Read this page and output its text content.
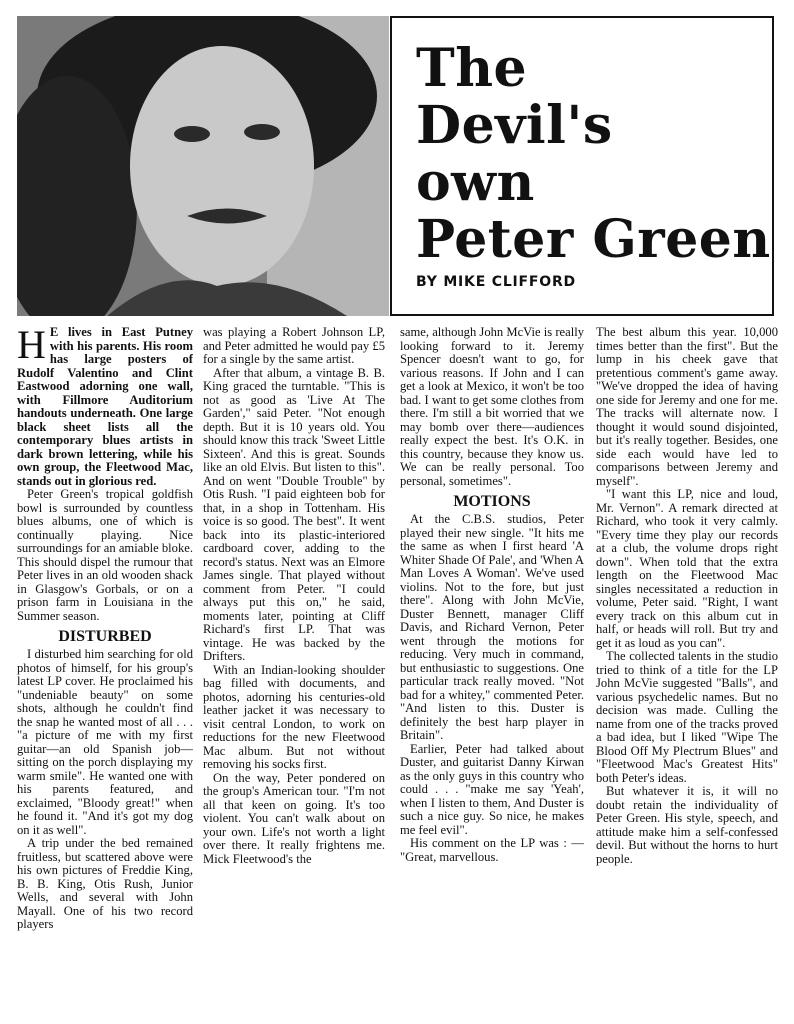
The
Devil's
own
Peter Green
BY MIKE CLIFFORD

H E lives in East Putney with his parents. His room has large posters of Rudolf Valentino and Clint Eastwood adorning one wall, with Fillmore Auditorium handouts underneath. One large black sheet lists all the contemporary blues artists in dark brown lettering, while his own group, the Fleetwood Mac, stands out in glorious red.

Peter Green's tropical goldfish bowl is surrounded by countless blues albums, one of which is continually playing. Nice surroundings for an amiable bloke. This should dispel the rumour that Peter lives in an old wooden shack in Glasgow's Gorbals, or on a prison farm in Louisiana in the Summer season.

DISTURBED

I disturbed him searching for old photos of himself, for his group's latest LP cover. He proclaimed his "undeniable beauty" on some shots, although he couldn't find the snap he wanted most of all . . . "a picture of me with my first guitar—an old Spanish job—sitting on the porch displaying my warm smile". He wanted one with his parents featured, and exclaimed, "Bloody great!" when he found it. "And it's got my dog on it as well".

A trip under the bed remained fruitless, but scattered above were his own pictures of Freddie King, B. B. King, Otis Rush, Junior Wells, and several with John Mayall. One of his two record players

was playing a Robert Johnson LP, and Peter admitted he would pay £5 for a single by the same artist.

After that album, a vintage B. B. King graced the turntable. "This is not as good as 'Live At The Garden'," said Peter. "Not enough depth. But it is 10 years old. You should know this track 'Sweet Little Sixteen'. And this is great. Sounds like an old Elvis. But listen to this". And on went "Double Trouble" by Otis Rush. "I paid eighteen bob for that, in a shop in Tottenham. His voice is so good. The best". It went back into its plastic-interiored cardboard cover, adding to the record's status. Next was an Elmore James single. That played without comment from Peter. "I could always put this on," he said, moments later, pointing at Cliff Richard's first LP. That was vintage. He was backed by the Drifters.

With an Indian-looking shoulder bag filled with documents, and photos, adorning his centuries-old leather jacket it was necessary to visit central London, to work on reductions for the new Fleetwood Mac album. But not without removing his socks first.

On the way, Peter pondered on the group's American tour. "I'm not all that keen on going. It's too violent. You can't walk about on your own. Life's not worth a light over there. It really frightens me. Mick Fleetwood's the

same, although John McVie is really looking forward to it. Jeremy Spencer doesn't want to go, for various reasons. If John and I can get a look at Mexico, it won't be too bad. I want to get some clothes from there. I'm still a bit worried that we may bomb over there—audiences really expect the best. It's O.K. in this country, because they know us. We can be really personal. Too personal, sometimes".

MOTIONS

At the C.B.S. studios, Peter played their new single. "It hits me the same as when I first heard 'A Whiter Shade Of Pale', and 'When A Man Loves A Woman'. We've used violins. Not to the fore, but just there". Along with John McVie, Duster Bennett, manager Cliff Davis, and Richard Vernon, Peter went through the motions for reducing. Very much in command, but enthusiastic to suggestions. One particular track really moved. "Not bad for a whitey," commented Peter. "And listen to this. Duster is definitely the best harp player in Britain".

Earlier, Peter had talked about Duster, and guitarist Danny Kirwan as the only guys in this country who could . . . "make me say 'Yeah', when I listen to them, And Duster is such a nice guy. So nice, he makes me feel evil".

His comment on the LP was : — "Great, marvellous.

The best album this year. 10,000 times better than the first". But the lump in his cheek gave that pretentious comment's game away. "We've dropped the idea of having one side for Jeremy and one for me. The tracks will alternate now. I thought it would sound disjointed, but it's really together. Besides, one side each would have led to comparisons between Jeremy and myself".

"I want this LP, nice and loud, Mr. Vernon". A remark directed at Richard, who took it very calmly. "Every time they play our records at a club, the volume drops right down". When told that the extra length on the Fleetwood Mac singles necessitated a reduction in volume, Peter said. "Right, I want every track on this album cut in half, or heads will roll. But try and get it as loud as you can".

The collected talents in the studio tried to think of a title for the LP John McVie suggested "Balls", and various psychedelic names. But no decision was made. Culling the name from one of the tracks proved a bad idea, but I liked "Wipe The Blood Off My Plectrum Blues" and "Fleetwood Mac's Greatest Hits" both Peter's ideas.

But whatever it is, it will no doubt retain the individuality of Peter Green. His style, speech, and attitude make him a self-confessed devil. But without the horns to hurt people.
